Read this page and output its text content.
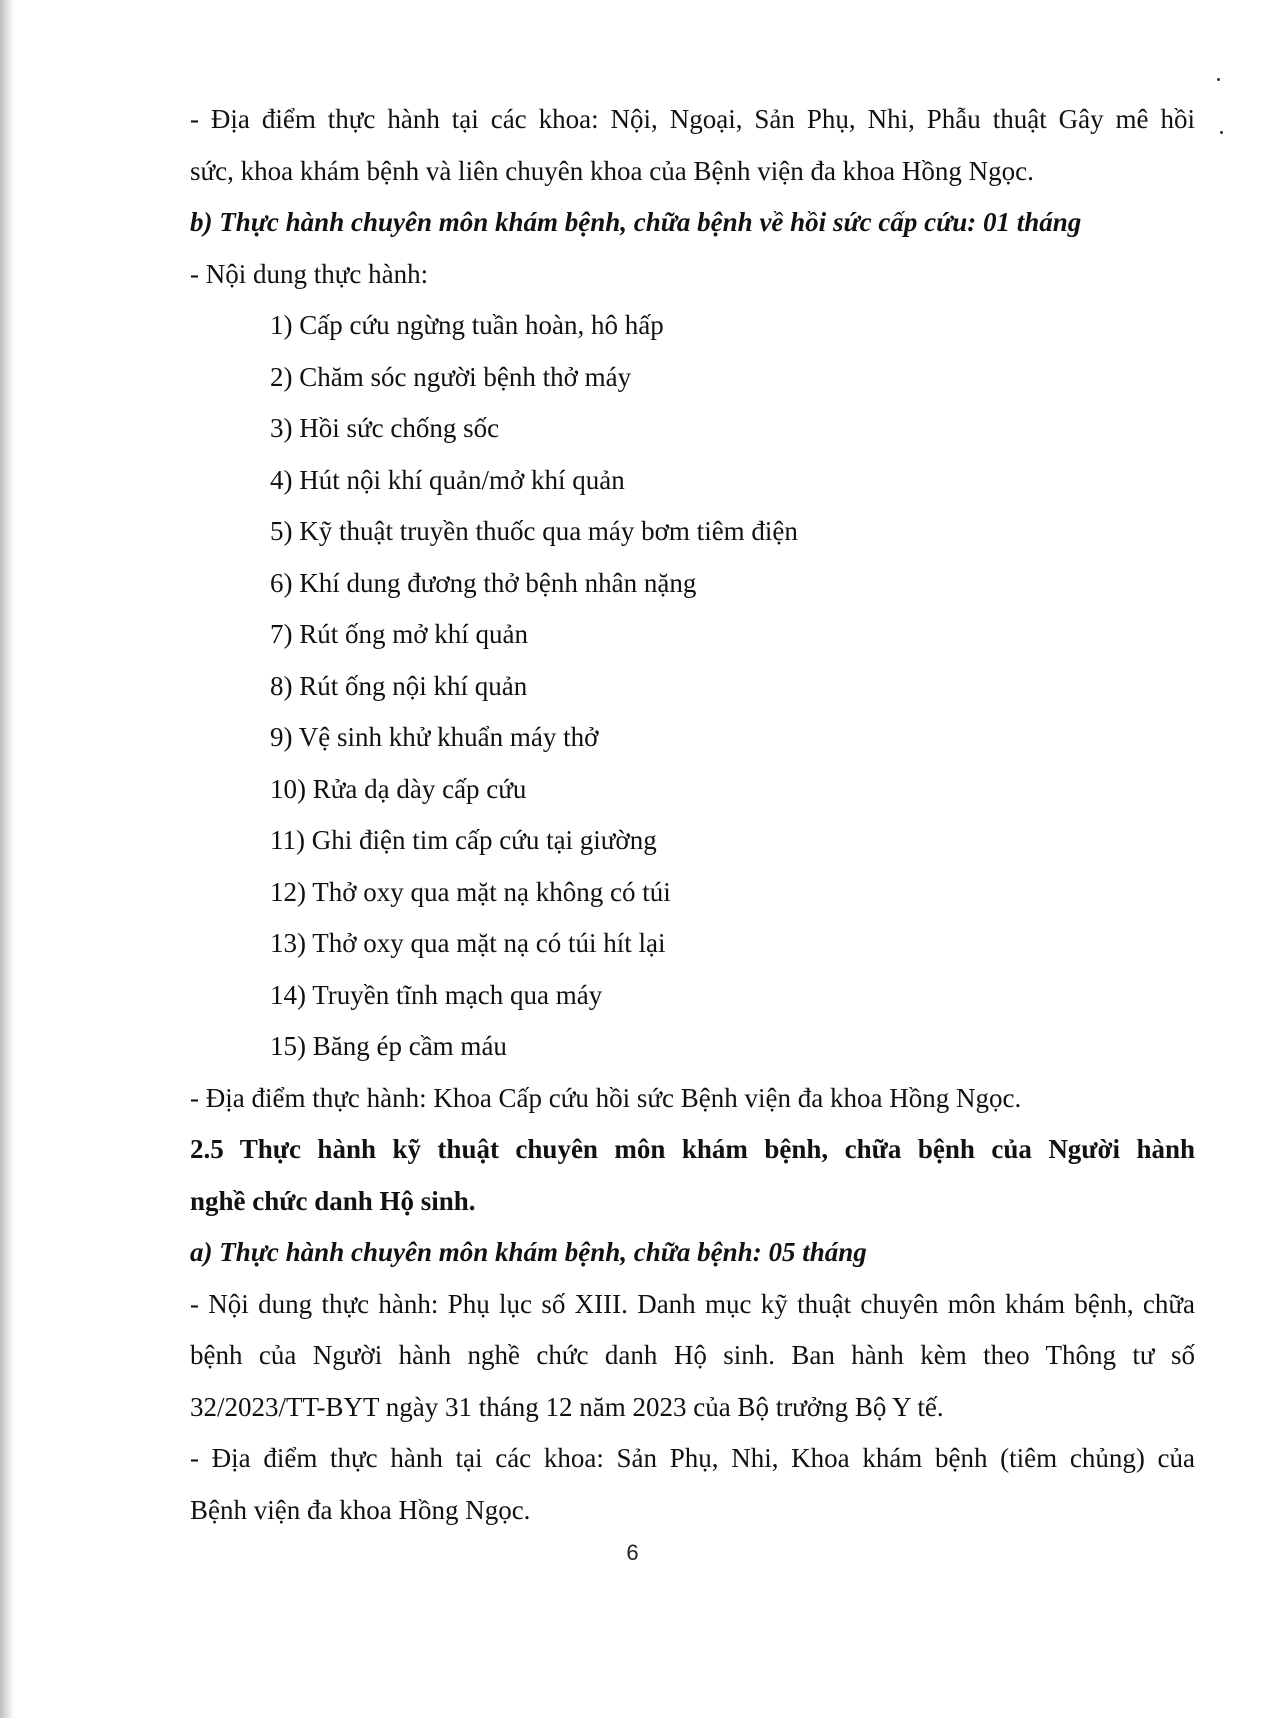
- Địa điểm thực hành tại các khoa: Nội, Ngoại, Sản Phụ, Nhi, Phẫu thuật Gây mê hồi
sức, khoa khám bệnh và liên chuyên khoa của Bệnh viện đa khoa Hồng Ngọc.
b) Thực hành chuyên môn khám bệnh, chữa bệnh về hồi sức cấp cứu: 01 tháng
- Nội dung thực hành:
1) Cấp cứu ngừng tuần hoàn, hô hấp
2) Chăm sóc người bệnh thở máy
3) Hồi sức chống sốc
4) Hút nội khí quản/mở khí quản
5) Kỹ thuật truyền thuốc qua máy bơm tiêm điện
6) Khí dung đương thở bệnh nhân nặng
7) Rút ống mở khí quản
8) Rút ống nội khí quản
9) Vệ sinh khử khuẩn máy thở
10) Rửa dạ dày cấp cứu
11) Ghi điện tim cấp cứu tại giường
12) Thở oxy qua mặt nạ không có túi
13) Thở oxy qua mặt nạ có túi hít lại
14) Truyền tĩnh mạch qua máy
15) Băng ép cầm máu
- Địa điểm thực hành: Khoa Cấp cứu hồi sức Bệnh viện đa khoa Hồng Ngọc.
2.5 Thực hành kỹ thuật chuyên môn khám bệnh, chữa bệnh của Người hành
nghề chức danh Hộ sinh.
a) Thực hành chuyên môn khám bệnh, chữa bệnh: 05 tháng
- Nội dung thực hành: Phụ lục số XIII. Danh mục kỹ thuật chuyên môn khám bệnh, chữa
bệnh của Người hành nghề chức danh Hộ sinh. Ban hành kèm theo Thông tư số
32/2023/TT-BYT ngày 31 tháng 12 năm 2023 của Bộ trưởng Bộ Y tế.
- Địa điểm thực hành tại các khoa: Sản Phụ, Nhi, Khoa khám bệnh (tiêm chủng) của
Bệnh viện đa khoa Hồng Ngọc.
6
